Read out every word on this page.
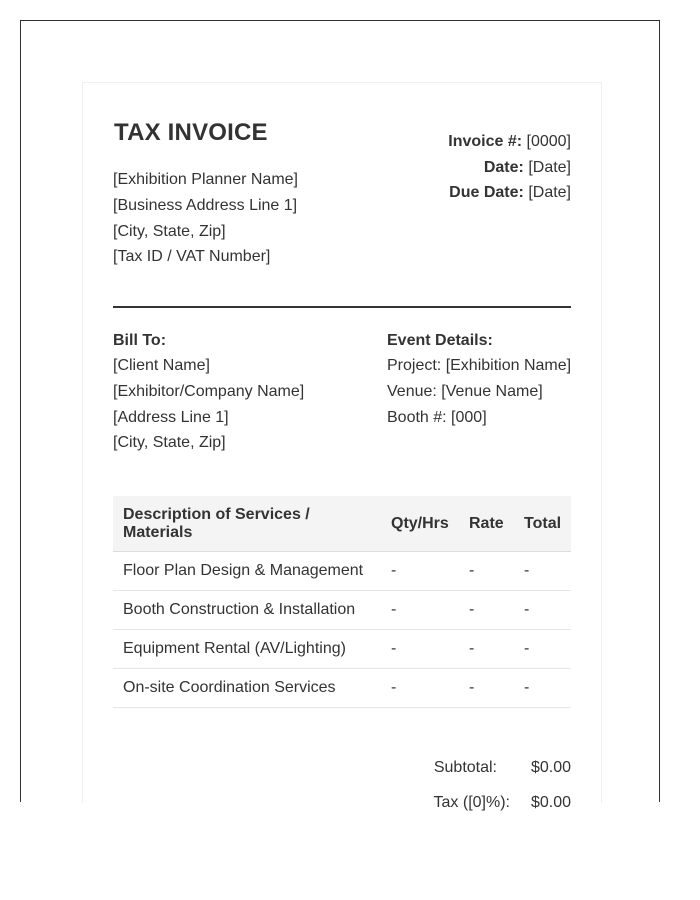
TAX INVOICE
[Exhibition Planner Name]
[Business Address Line 1]
[City, State, Zip]
[Tax ID / VAT Number]
Invoice #: [0000]
Date: [Date]
Due Date: [Date]
Bill To:
[Client Name]
[Exhibitor/Company Name]
[Address Line 1]
[City, State, Zip]
Event Details:
Project: [Exhibition Name]
Venue: [Venue Name]
Booth #: [000]
Description of Services / Materials
Qty/Hrs Rate Total
Floor Plan Design & Management -	-	-
Booth Construction & Installation -	-	-
Equipment Rental (AV/Lighting)	-	-	-
On-site Coordination Services	-	-	-
Subtotal: $0.00
Tax ([0]%): $0.00
